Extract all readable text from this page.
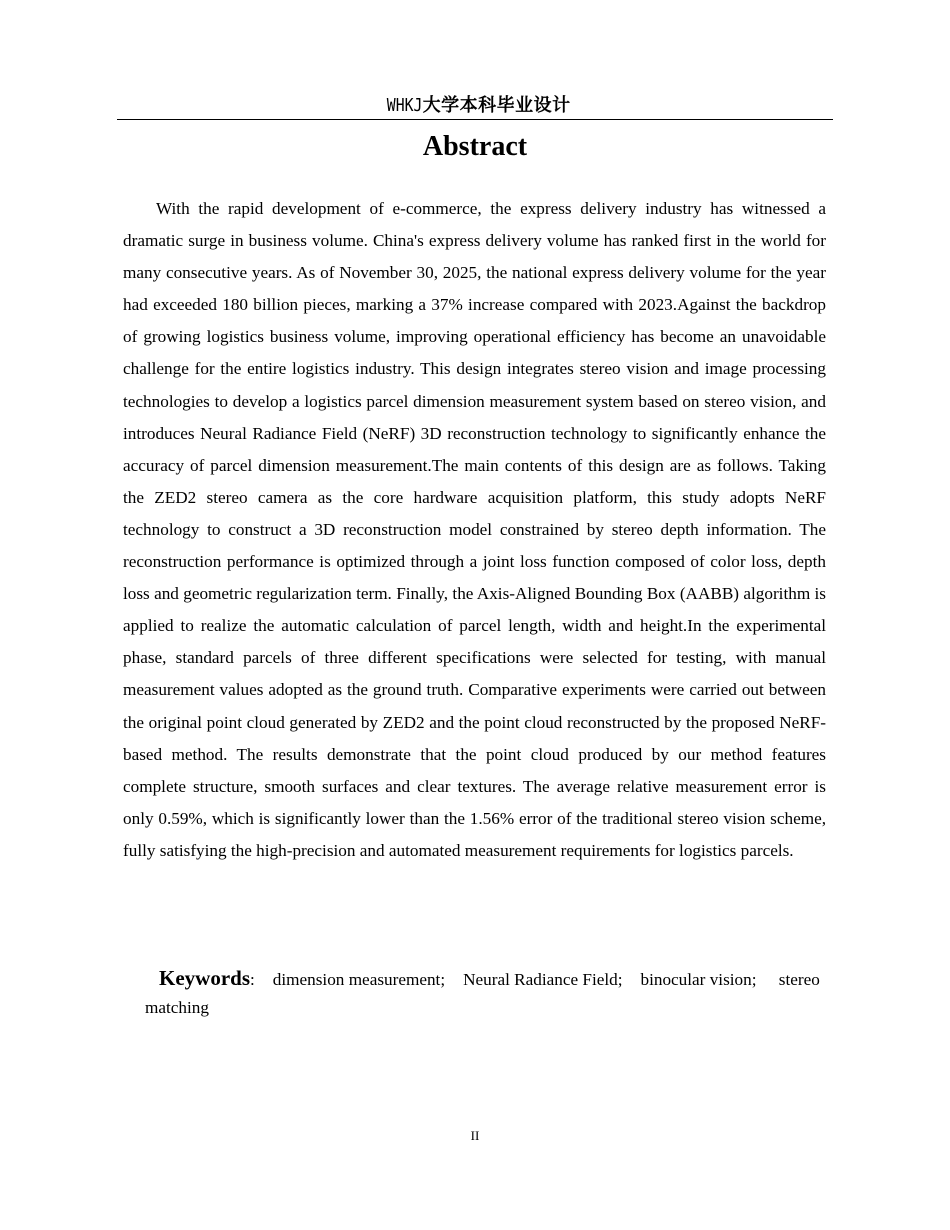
WHKJ大学本科毕业设计
Abstract

With the rapid development of e-commerce, the express delivery industry has witnessed a dramatic surge in business volume. China's express delivery volume has ranked first in the world for many consecutive years. As of November 30, 2025, the national express delivery volume for the year had exceeded 180 billion pieces, marking a 37% increase compared with 2023.Against the backdrop of growing logistics business volume, improving operational efficiency has become an unavoidable challenge for the entire logistics industry. This design integrates stereo vision and image processing technologies to develop a logistics parcel dimension measurement system based on stereo vision, and introduces Neural Radiance Field (NeRF) 3D reconstruction technology to significantly enhance the accuracy of parcel dimension measurement.The main contents of this design are as follows. Taking the ZED2 stereo camera as the core hardware acquisition platform, this study adopts NeRF technology to construct a 3D reconstruction model constrained by stereo depth information. The reconstruction performance is optimized through a joint loss function composed of color loss, depth loss and geometric regularization term. Finally, the Axis-Aligned Bounding Box (AABB) algorithm is applied to realize the automatic calculation of parcel length, width and height.In the experimental phase, standard parcels of three different specifications were selected for testing, with manual measurement values adopted as the ground truth. Comparative experiments were carried out between the original point cloud generated by ZED2 and the point cloud reconstructed by the proposed NeRF-based method. The results demonstrate that the point cloud produced by our method features complete structure, smooth surfaces and clear textures. The average relative measurement error is only 0.59%, which is significantly lower than the 1.56% error of the traditional stereo vision scheme, fully satisfying the high-precision and automated measurement requirements for logistics parcels.

Keywords: dimension measurement; Neural Radiance Field; binocular vision; stereo matching
II
